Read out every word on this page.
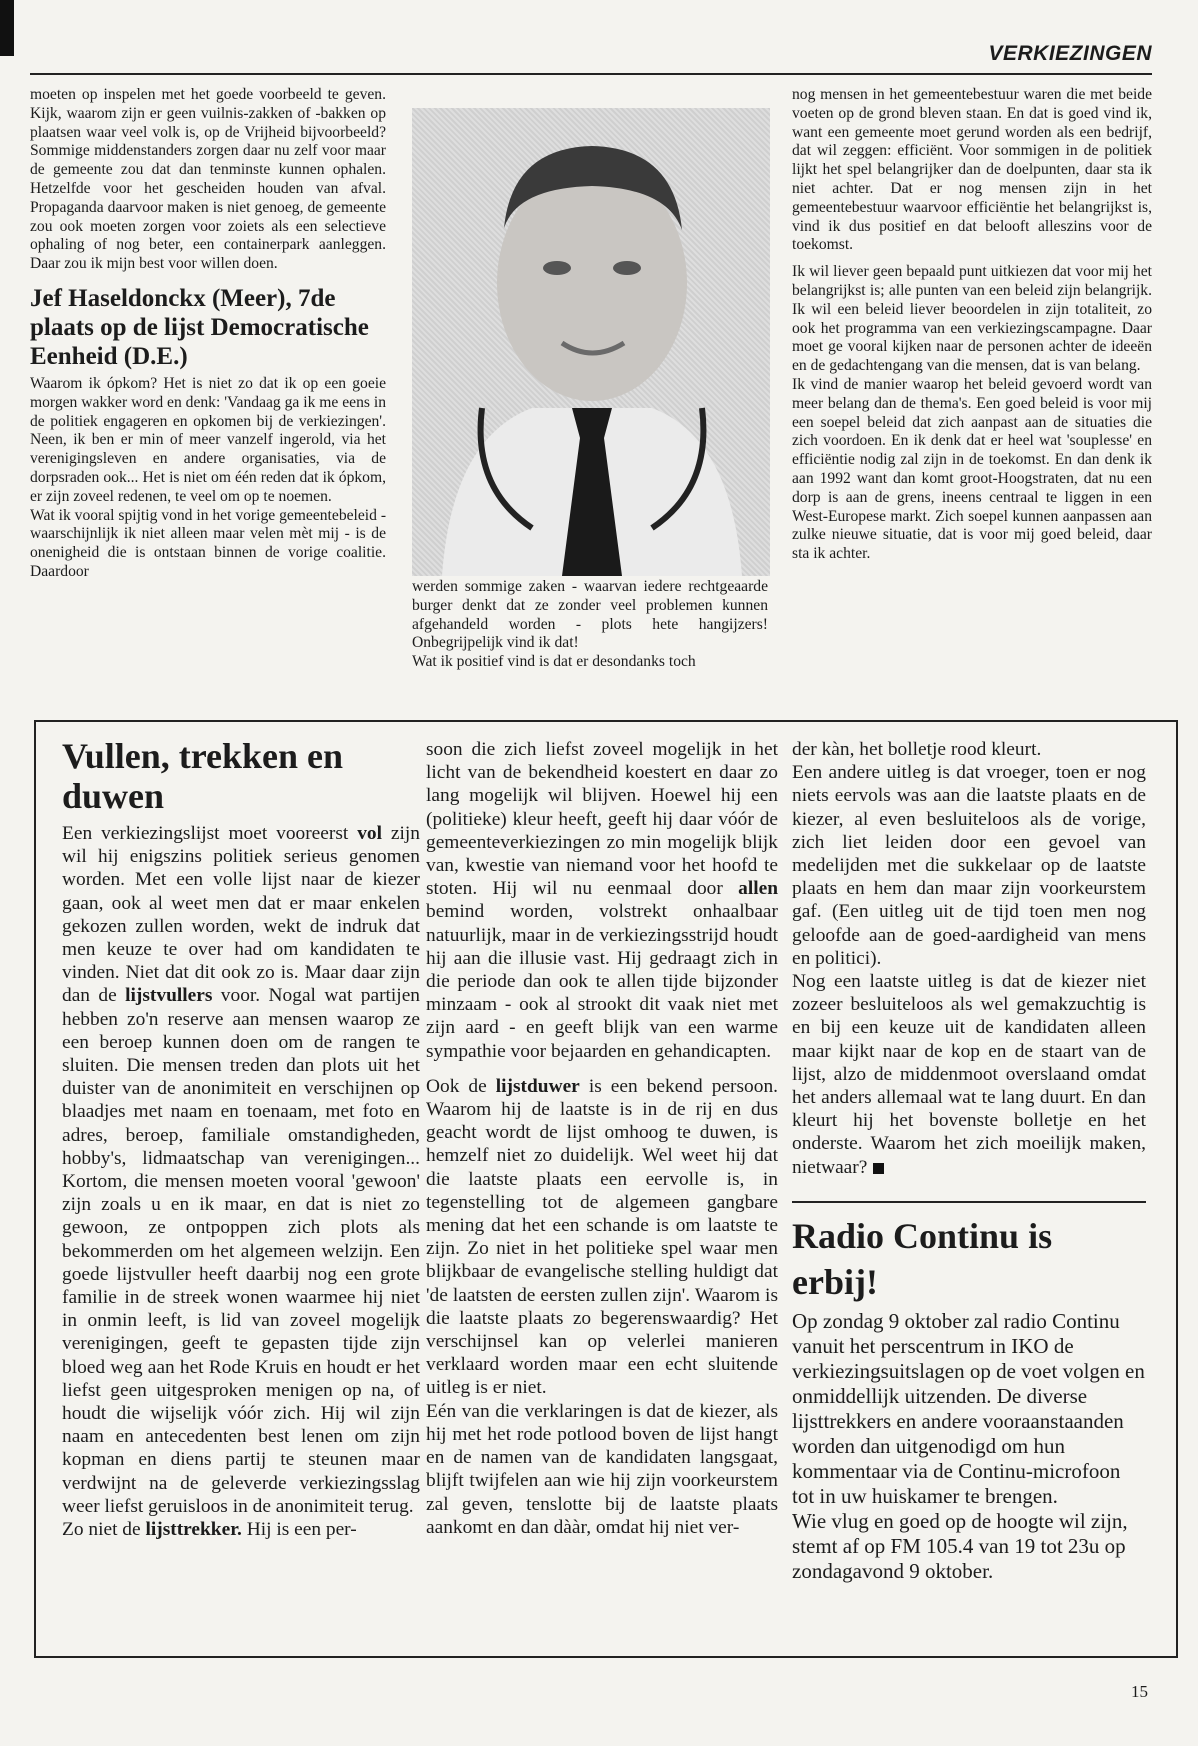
VERKIEZINGEN

moeten op inspelen met het goede voorbeeld te geven. Kijk, waarom zijn er geen vuilnis-zakken of -bakken op plaatsen waar veel volk is, op de Vrijheid bijvoorbeeld? Sommige middenstanders zorgen daar nu zelf voor maar de gemeente zou dat dan tenminste kunnen ophalen. Hetzelfde voor het gescheiden houden van afval. Propaganda daarvoor maken is niet genoeg, de gemeente zou ook moeten zorgen voor zoiets als een selectieve ophaling of nog beter, een containerpark aanleggen. Daar zou ik mijn best voor willen doen.

Jef Haseldonckx (Meer), 7de plaats op de lijst Democratische Eenheid (D.E.)

Waarom ik ópkom? Het is niet zo dat ik op een goeie morgen wakker word en denk: 'Vandaag ga ik me eens in de politiek engageren en opkomen bij de verkiezingen'. Neen, ik ben er min of meer vanzelf ingerold, via het verenigingsleven en andere organisaties, via de dorpsraden ook... Het is niet om één reden dat ik ópkom, er zijn zoveel redenen, te veel om op te noemen.

Wat ik vooral spijtig vond in het vorige gemeentebeleid - waarschijnlijk ik niet alleen maar velen mèt mij - is de onenigheid die is ontstaan binnen de vorige coalitie. Daardoor

werden sommige zaken - waarvan iedere rechtgeaarde burger denkt dat ze zonder veel problemen kunnen afgehandeld worden - plots hete hangijzers! Onbegrijpelijk vind ik dat!

Wat ik positief vind is dat er desondanks toch

nog mensen in het gemeentebestuur waren die met beide voeten op de grond bleven staan. En dat is goed vind ik, want een gemeente moet gerund worden als een bedrijf, dat wil zeggen: efficiënt. Voor sommigen in de politiek lijkt het spel belangrijker dan de doelpunten, daar sta ik niet achter. Dat er nog mensen zijn in het gemeentebestuur waarvoor efficiëntie het belangrijkst is, vind ik dus positief en dat belooft alleszins voor de toekomst.

Ik wil liever geen bepaald punt uitkiezen dat voor mij het belangrijkst is; alle punten van een beleid zijn belangrijk. Ik wil een beleid liever beoordelen in zijn totaliteit, zo ook het programma van een verkiezingscampagne. Daar moet ge vooral kijken naar de personen achter de ideeën en de gedachtengang van die mensen, dat is van belang.

Ik vind de manier waarop het beleid gevoerd wordt van meer belang dan de thema's. Een goed beleid is voor mij een soepel beleid dat zich aanpast aan de situaties die zich voordoen. En ik denk dat er heel wat 'souplesse' en efficiëntie nodig zal zijn in de toekomst. En dan denk ik aan 1992 want dan komt groot-Hoogstraten, dat nu een dorp is aan de grens, ineens centraal te liggen in een West-Europese markt. Zich soepel kunnen aanpassen aan zulke nieuwe situatie, dat is voor mij goed beleid, daar sta ik achter.

Vullen, trekken en duwen

Een verkiezingslijst moet vooreerst vol zijn wil hij enigszins politiek serieus genomen worden. Met een volle lijst naar de kiezer gaan, ook al weet men dat er maar enkelen gekozen zullen worden, wekt de indruk dat men keuze te over had om kandidaten te vinden. Niet dat dit ook zo is. Maar daar zijn dan de lijstvullers voor. Nogal wat partijen hebben zo'n reserve aan mensen waarop ze een beroep kunnen doen om de rangen te sluiten. Die mensen treden dan plots uit het duister van de anonimiteit en verschijnen op blaadjes met naam en toenaam, met foto en adres, beroep, familiale omstandigheden, hobby's, lidmaatschap van verenigingen... Kortom, die mensen moeten vooral 'gewoon' zijn zoals u en ik maar, en dat is niet zo gewoon, ze ontpoppen zich plots als bekommerden om het algemeen welzijn. Een goede lijstvuller heeft daarbij nog een grote familie in de streek wonen waarmee hij niet in onmin leeft, is lid van zoveel mogelijk verenigingen, geeft te gepasten tijde zijn bloed weg aan het Rode Kruis en houdt er het liefst geen uitgesproken menigen op na, of houdt die wijselijk vóór zich. Hij wil zijn naam en antecedenten best lenen om zijn kopman en diens partij te steunen maar verdwijnt na de geleverde verkiezingsslag weer liefst geruisloos in de anonimiteit terug.

Zo niet de lijsttrekker. Hij is een per-

soon die zich liefst zoveel mogelijk in het licht van de bekendheid koestert en daar zo lang mogelijk wil blijven. Hoewel hij een (politieke) kleur heeft, geeft hij daar vóór de gemeenteverkiezingen zo min mogelijk blijk van, kwestie van niemand voor het hoofd te stoten. Hij wil nu eenmaal door allen bemind worden, volstrekt onhaalbaar natuurlijk, maar in de verkiezingsstrijd houdt hij aan die illusie vast. Hij gedraagt zich in die periode dan ook te allen tijde bijzonder minzaam - ook al strookt dit vaak niet met zijn aard - en geeft blijk van een warme sympathie voor bejaarden en gehandicapten.

Ook de lijstduwer is een bekend persoon. Waarom hij de laatste is in de rij en dus geacht wordt de lijst omhoog te duwen, is hemzelf niet zo duidelijk. Wel weet hij dat die laatste plaats een eervolle is, in tegenstelling tot de algemeen gangbare mening dat het een schande is om laatste te zijn. Zo niet in het politieke spel waar men blijkbaar de evangelische stelling huldigt dat 'de laatsten de eersten zullen zijn'. Waarom is die laatste plaats zo begerenswaardig? Het verschijnsel kan op velerlei manieren verklaard worden maar een echt sluitende uitleg is er niet.

Eén van die verklaringen is dat de kiezer, als hij met het rode potlood boven de lijst hangt en de namen van de kandidaten langsgaat, blijft twijfelen aan wie hij zijn voorkeurstem zal geven, tenslotte bij de laatste plaats aankomt en dan dààr, omdat hij niet ver-

der kàn, het bolletje rood kleurt.

Een andere uitleg is dat vroeger, toen er nog niets eervols was aan die laatste plaats en de kiezer, al even besluiteloos als de vorige, zich liet leiden door een gevoel van medelijden met die sukkelaar op de laatste plaats en hem dan maar zijn voorkeurstem gaf. (Een uitleg uit de tijd toen men nog geloofde aan de goed-aardigheid van mens en politici).

Nog een laatste uitleg is dat de kiezer niet zozeer besluiteloos als wel gemakzuchtig is en bij een keuze uit de kandidaten alleen maar kijkt naar de kop en de staart van de lijst, alzo de middenmoot overslaand omdat het anders allemaal wat te lang duurt. En dan kleurt hij het bovenste bolletje en het onderste. Waarom het zich moeilijk maken, nietwaar?

Radio Continu is erbij!

Op zondag 9 oktober zal radio Continu vanuit het perscentrum in IKO de verkiezingsuitslagen op de voet volgen en onmiddellijk uitzenden. De diverse lijsttrekkers en andere vooraanstaanden worden dan uitgenodigd om hun kommentaar via de Continu-microfoon tot in uw huiskamer te brengen.

Wie vlug en goed op de hoogte wil zijn, stemt af op FM 105.4 van 19 tot 23u op zondagavond 9 oktober.

15
